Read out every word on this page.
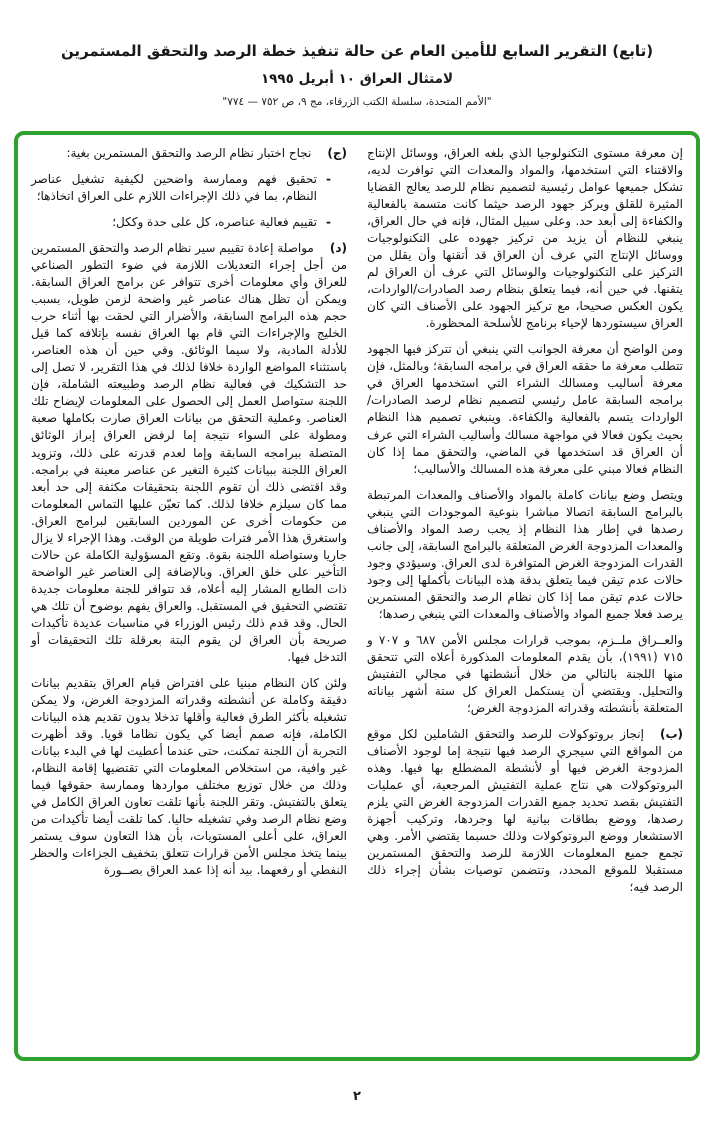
(تابع) التقرير السابع للأمين العام عن حالة تنفيذ خطة الرصد والتحقق المستمرين
لامتثال العراق ١٠ أبريل ١٩٩٥
"الأمم المتحدة، سلسلة الكتب الزرقاء، مج ٩، ص ٧٥٢ — ٧٧٤"

إن معرفة مستوى التكنولوجيا الذي بلغه العراق، ووسائل الإنتاج والاقتناء التي استخدمها، والمواد والمعدات التي توافرت لديه، تشكل جميعها عوامل رئيسية لتصميم نظام للرصد يعالج القضايا المثيرة للقلق ويركز جهود الرصد حيثما كانت متسمة بالفعالية والكفاءة إلى أبعد حد. وعلى سبيل المثال، فإنه في حال العراق، ينبغي للنظام أن يزيد من تركيز جهوده على التكنولوجيات ووسائل الإنتاج التي عرف أن العراق قد أتقنها وأن يقلل من التركيز على التكنولوجيات والوسائل التي عرف أن العراق لم يتقنها. في حين أنه، فيما يتعلق بنظام رصد الصادرات/الواردات، يكون العكس صحيحا، مع تركيز الجهود على الأصناف التي كان العراق سيستوردها لإحياء برنامج للأسلحة المحظورة.

ومن الواضح أن معرفة الجوانب التي ينبغي أن تتركز فيها الجهود تتطلب معرفة ما حققه العراق في برامجه السابقة؛ وبالمثل، فإن معرفة أساليب ومسالك الشراء التي استخدمها العراق في برامجه السابقة عامل رئيسي لتصميم نظام لرصد الصادرات/الواردات يتسم بالفعالية والكفاءة. وينبغي تصميم هذا النظام بحيث يكون فعالا في مواجهة مسالك وأساليب الشراء التي عرف أن العراق قد استخدمها في الماضي، والتحقق مما إذا كان النظام فعالا مبني على معرفة هذه المسالك والأساليب؛

ويتصل وضع بيانات كاملة بالمواد والأصناف والمعدات المرتبطة بالبرامج السابقة اتصالا مباشرا بنوعية الموجودات التي ينبغي رصدها في إطار هذا النظام إذ يجب رصد المواد والأصناف والمعدات المزدوجة الغرض المتعلقة بالبرامج السابقة، إلى جانب القدرات المزدوجة الغرض المتوافرة لدى العراق. وسيؤدي وجود حالات عدم تيقن فيما يتعلق بدقة هذه البيانات بأكملها إلى وجود حالات عدم تيقن مما إذا كان نظام الرصد والتحقق المستمرين يرصد فعلا جميع المواد والأصناف والمعدات التي ينبغي رصدها؛

والعــراق ملــزم، بموجب قرارات مجلس الأمن ٦٨٧ و ٧٠٧ و ٧١٥ (١٩٩١)، بأن يقدم المعلومات المذكورة أعلاه التي تتحقق منها اللجنة بالتالي من خلال أنشطتها في مجالي التفتيش والتحليل. ويقتضي أن يستكمل العراق كل ستة أشهر بياناته المتعلقة بأنشطته وقدراته المزدوجة الغرض؛

(ب)إنجاز بروتوكولات للرصد والتحقق الشاملين لكل موقع من المواقع التي سيجري الرصد فيها نتيجة إما لوجود الأصناف المزدوجة الغرض فيها أو لأنشطة المضطلع بها فيها. وهذه البروتوكولات هي نتاج عملية التفتيش المرجعية، أي عمليات التفتيش بقصد تحديد جميع القدرات المزدوجة الغرض التي يلزم رصدها، ووضع بطاقات بيانية لها وجردها، وتركيب أجهزة الاستشعار ووضع البروتوكولات وذلك حسبما يقتضي الأمر. وهي تجمع جميع المعلومات اللازمة للرصد والتحقق المستمرين مستقبلا للموقع المحدد، وتتضمن توصيات بشأن إجراء ذلك الرصد فيه؛

(ج)نجاح اختبار نظام الرصد والتحقق المستمرين بغية:

-
تحقيق فهم وممارسة واضحين لكيفية تشغيل عناصر النظام، بما في ذلك الإجراءات اللازم على العراق اتخاذها؛
-
تقييم فعالية عناصره، كل على حدة وككل؛

(د)مواصلة إعادة تقييم سير نظام الرصد والتحقق المستمرين من أجل إجراء التعديلات اللازمة في ضوء التطور الصناعي للعراق وأي معلومات أخرى تتوافر عن برامج العراق السابقة. ويمكن أن تظل هناك عناصر غير واضحة لزمن طويل، بسبب حجم هذه البرامج السابقة، والأضرار التي لحقت بها أثناء حرب الخليج والإجراءات التي قام بها العراق نفسه بإتلافه كما قيل للأدلة المادية، ولا سيما الوثائق. وفي حين أن هذه العناصر، باستثناء المواضع الواردة خلافا لذلك في هذا التقرير، لا تصل إلى حد التشكيك في فعالية نظام الرصد وطبيعته الشاملة، فإن اللجنة ستواصل العمل إلى الحصول على المعلومات لإيضاح تلك العناصر. وعملية التحقق من بيانات العراق صارت بكاملها صعبة ومطولة على السواء نتيجة إما لرفض العراق إبراز الوثائق المتصلة ببرامجه السابقة وإما لعدم قدرته على ذلك، وتزويد العراق اللجنة ببيانات كثيرة التغير عن عناصر معينة في برامجه. وقد اقتضى ذلك أن تقوم اللجنة بتحقيقات مكثفة إلى حد أبعد مما كان سيلزم خلافا لذلك. كما تعيّن عليها التماس المعلومات من حكومات أخرى عن الموردين السابقين لبرامج العراق. واستغرق هذا الأمر فترات طويلة من الوقت. وهذا الإجراء لا يزال جاريا وستواصله اللجنة بقوة. وتقع المسؤولية الكاملة عن حالات التأخير على خلق العراق. وبالإضافة إلى العناصر غير الواضحة ذات الطابع المشار إليه أعلاه، قد تتوافر للجنة معلومات جديدة تقتضي التحقيق في المستقبل. والعراق يفهم بوضوح أن تلك هي الحال. وقد قدم ذلك رئيس الوزراء في مناسبات عديدة تأكيدات صريحة بأن العراق لن يقوم البتة بعرقلة تلك التحقيقات أو التدخل فيها.

ولئن كان النظام مبنيا على افتراض قيام العراق بتقديم بيانات دقيقة وكاملة عن أنشطته وقدراته المزدوجة الغرض، ولا يمكن تشغيله بأكثر الطرق فعالية وأقلها تدخلا بدون تقديم هذه البيانات الكاملة، فإنه صمم أيضا كي يكون نظاما قويا. وقد أظهرت التجربة أن اللجنة تمكنت، حتى عندما أعطيت لها في البدء بيانات غير وافية، من استخلاص المعلومات التي تقتضيها إقامة النظام، وذلك من خلال توزيع مختلف مواردها وممارسة حقوقها فيما يتعلق بالتفتيش. وتقر اللجنة بأنها تلقت تعاون العراق الكامل في وضع نظام الرصد وفي تشغيله حاليا. كما تلقت أيضا تأكيدات من العراق، على أعلى المستويات، بأن هذا التعاون سوف يستمر بينما يتخذ مجلس الأمن قرارات تتعلق بتخفيف الجزاءات والحظر النفطي أو رفعهما. بيد أنه إذا عمد العراق بصــورة

٢
